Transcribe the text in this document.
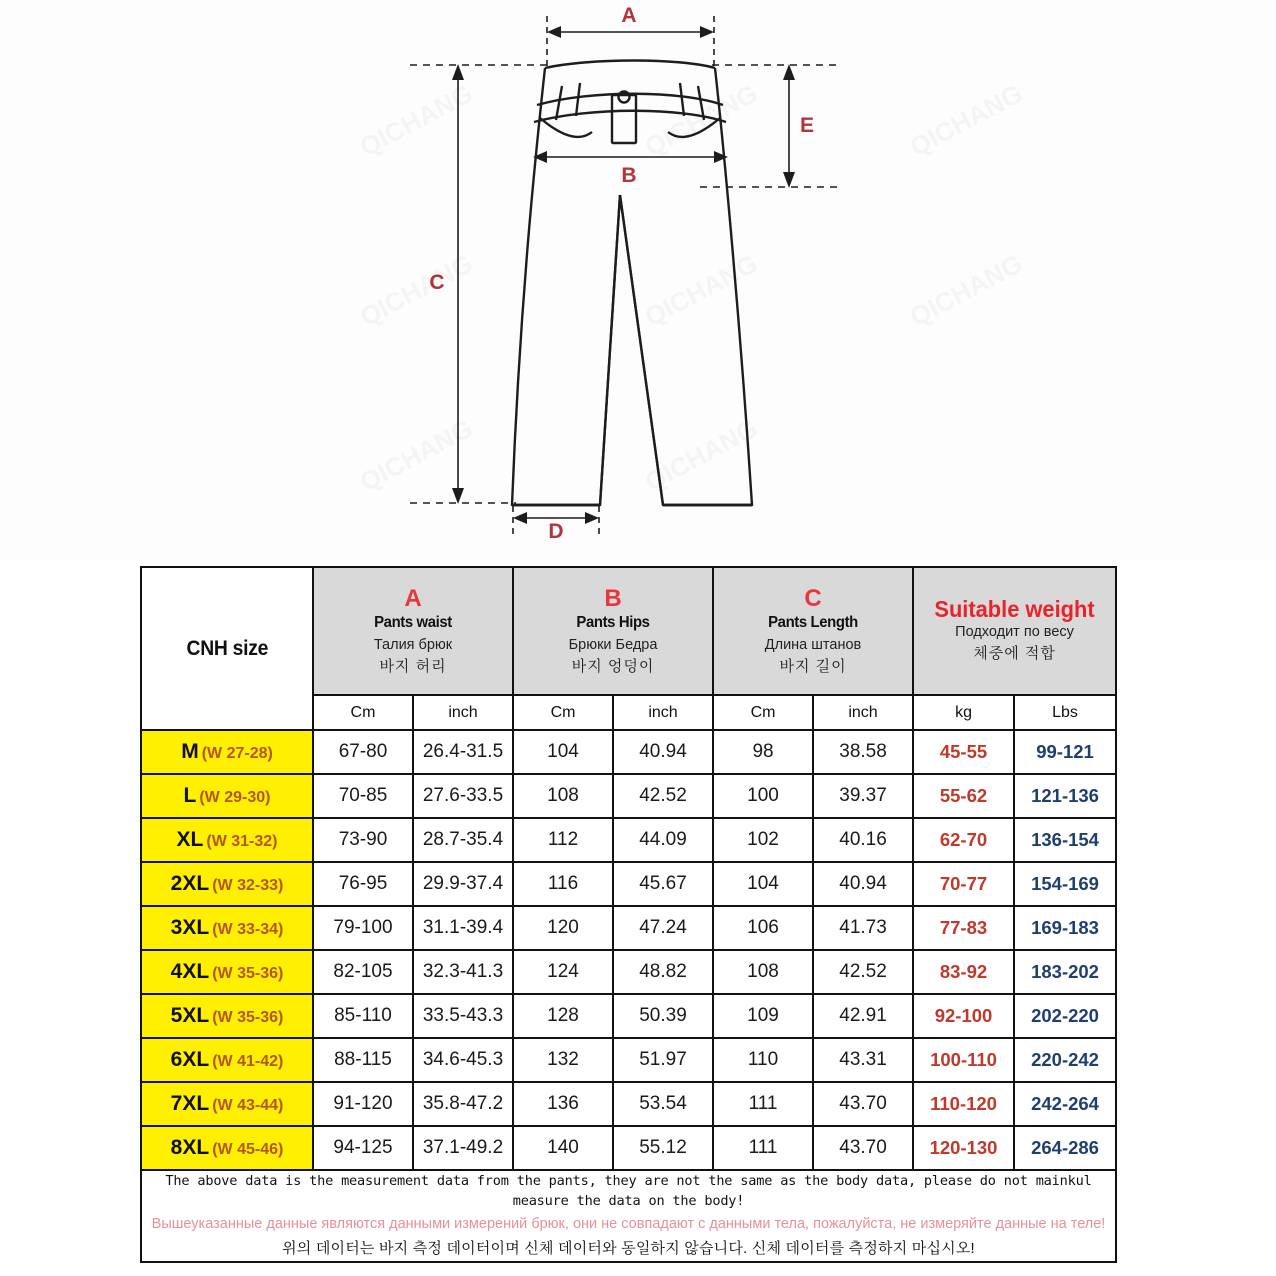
A
B
C
D
E
CNH size	A
Pants waist
Талия брюк
바지 허리		B
Pants Hips
Брюки Бедра
바지 엉덩이		C
Pants Length
Длина штанов
바지 길이		Suitable weight
Подходит по весу
체중에 적합	

	Cm	inch	Cm	inch	Cm	inch	kg	Lbs
M (W 27-28)	67-80	26.4-31.5	104	40.94	98	38.58	45-55	99-121
L (W 29-30)	70-85	27.6-33.5	108	42.52	100	39.37	55-62	121-136
XL (W 31-32)	73-90	28.7-35.4	112	44.09	102	40.16	62-70	136-154
2XL (W 32-33)	76-95	29.9-37.4	116	45.67	104	40.94	70-77	154-169
3XL (W 33-34)	79-100	31.1-39.4	120	47.24	106	41.73	77-83	169-183
4XL (W 35-36)	82-105	32.3-41.3	124	48.82	108	42.52	83-92	183-202
5XL (W 35-36)	85-110	33.5-43.3	128	50.39	109	42.91	92-100	202-220
6XL (W 41-42)	88-115	34.6-45.3	132	51.97	110	43.31	100-110	220-242
7XL (W 43-44)	91-120	35.8-47.2	136	53.54	111	43.70	110-120	242-264
8XL (W 45-46)	94-125	37.1-49.2	140	55.12	111	43.70	120-130	264-286

The above data is the measurement data from the pants, they are not the same as the body data, please do not mainkul measure the data on the body!
Вышеуказанные данные являются данными измерений брюк, они не совпадают с данными тела, пожалуйста, не измеряйте данные на теле!
위의 데이터는 바지 측정 데이터이며 신체 데이터와 동일하지 않습니다. 신체 데이터를 측정하지 마십시오!								
